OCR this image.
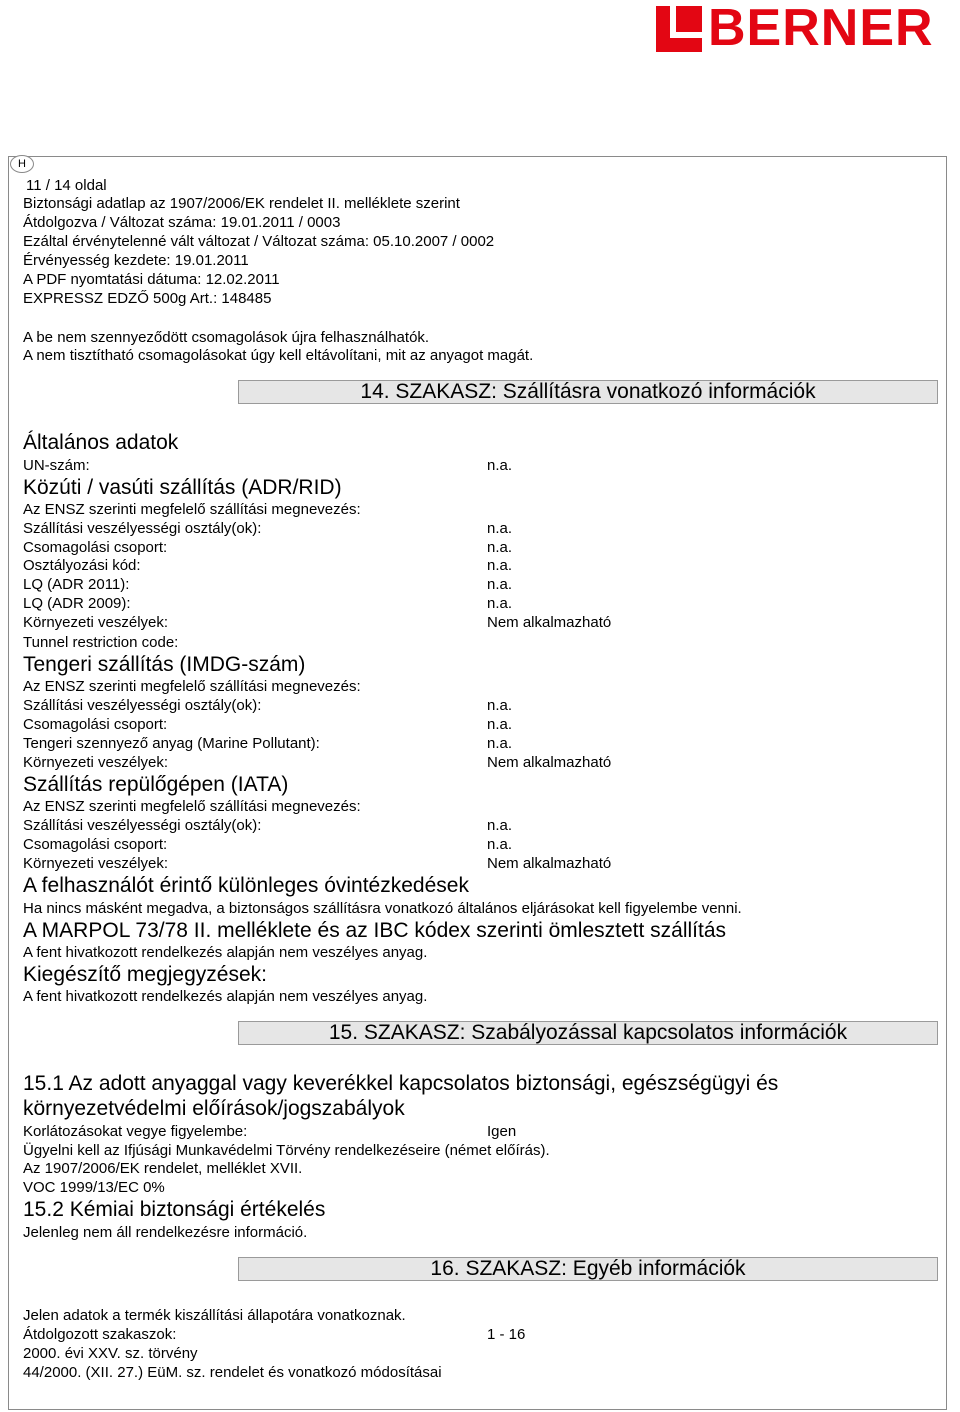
BERNER
H
11 / 14 oldal
Biztonsági adatlap az 1907/2006/EK rendelet II. melléklete szerint
Átdolgozva / Változat száma: 19.01.2011 / 0003
Ezáltal érvénytelenné vált változat / Változat száma: 05.10.2007 / 0002
Érvényesség kezdete: 19.01.2011
A PDF nyomtatási dátuma: 12.02.2011
EXPRESSZ EDZŐ 500g Art.: 148485
A be nem szennyeződött csomagolások újra felhasználhatók.
A nem tisztítható csomagolásokat úgy kell eltávolítani, mit az anyagot magát.
14. SZAKASZ: Szállításra vonatkozó információk
Általános adatok
UN-szám:	n.a.
Közúti / vasúti szállítás (ADR/RID)
Az ENSZ szerinti megfelelő szállítási megnevezés:
Szállítási veszélyességi osztály(ok):	n.a.
Csomagolási csoport:	n.a.
Osztályozási kód:	n.a.
LQ (ADR 2011):	n.a.
LQ (ADR 2009):	n.a.
Környezeti veszélyek:	Nem alkalmazható
Tunnel restriction code:
Tengeri szállítás (IMDG-szám)
Az ENSZ szerinti megfelelő szállítási megnevezés:
Szállítási veszélyességi osztály(ok):	n.a.
Csomagolási csoport:	n.a.
Tengeri szennyező anyag (Marine Pollutant):	n.a.
Környezeti veszélyek:	Nem alkalmazható
Szállítás repülőgépen (IATA)
Az ENSZ szerinti megfelelő szállítási megnevezés:
Szállítási veszélyességi osztály(ok):	n.a.
Csomagolási csoport:	n.a.
Környezeti veszélyek:	Nem alkalmazható
A felhasználót érintő különleges óvintézkedések
Ha nincs másként megadva, a biztonságos szállításra vonatkozó általános eljárásokat kell figyelembe venni.
A MARPOL 73/78 II. melléklete és az IBC kódex szerinti ömlesztett szállítás
A fent hivatkozott rendelkezés alapján nem veszélyes anyag.
Kiegészítő megjegyzések:
A fent hivatkozott rendelkezés alapján nem veszélyes anyag.
15. SZAKASZ: Szabályozással kapcsolatos információk
15.1 Az adott anyaggal vagy keverékkel kapcsolatos biztonsági, egészségügyi és
környezetvédelmi előírások/jogszabályok
Korlátozásokat vegye figyelembe:	Igen
Ügyelni kell az Ifjúsági Munkavédelmi Törvény rendelkezéseire (német előírás).
Az 1907/2006/EK rendelet, melléklet XVII.
VOC 1999/13/EC 0%
15.2 Kémiai biztonsági értékelés
Jelenleg nem áll rendelkezésre információ.
16. SZAKASZ: Egyéb információk
Jelen adatok a termék kiszállítási állapotára vonatkoznak.
Átdolgozott szakaszok:	1 - 16
2000. évi XXV. sz. törvény
44/2000. (XII. 27.) EüM. sz. rendelet és vonatkozó módosításai
